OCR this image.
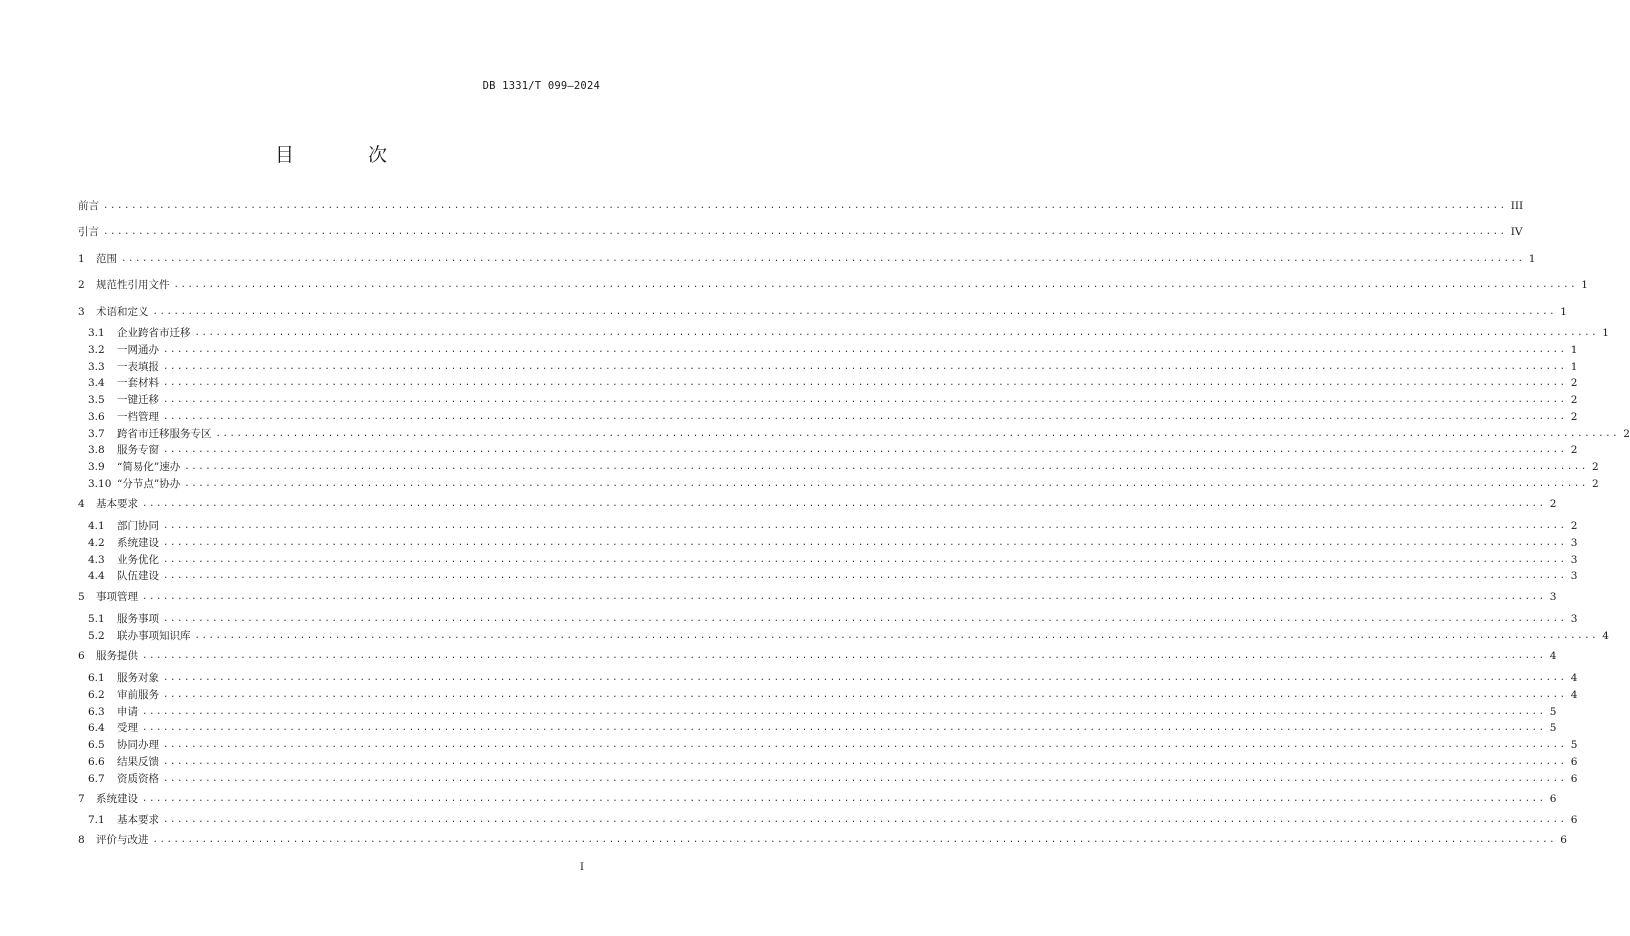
DB 1331/T 099—2024
目 次
前言 ........................................................................................................................................................................................................ III
引言 ........................................................................................................................................................................................................ IV
1	范围 ........................................................................................................................................................................................................ 1
2	规范性引用文件 ........................................................................................................................................................................................................ 1
3	术语和定义 ........................................................................................................................................................................................................ 1
3.1	企业跨省市迁移 ........................................................................................................................................................................................................ 1
3.2	一网通办 ........................................................................................................................................................................................................ 1
3.3	一表填报 ........................................................................................................................................................................................................ 1
3.4	一套材料 ........................................................................................................................................................................................................ 2
3.5	一键迁移 ........................................................................................................................................................................................................ 2
3.6	一档管理 ........................................................................................................................................................................................................ 2
3.7	跨省市迁移服务专区 ........................................................................................................................................................................................................ 2
3.8	服务专窗 ........................................................................................................................................................................................................ 2
3.9	“简易化”速办 ........................................................................................................................................................................................................ 2
3.10 “分节点”协办 ........................................................................................................................................................................................................ 2
4	基本要求 ........................................................................................................................................................................................................ 2
4.1	部门协同 ........................................................................................................................................................................................................ 2
4.2	系统建设 ........................................................................................................................................................................................................ 3
4.3	业务优化 ........................................................................................................................................................................................................ 3
4.4	队伍建设 ........................................................................................................................................................................................................ 3
5	事项管理 ........................................................................................................................................................................................................ 3
5.1	服务事项 ........................................................................................................................................................................................................ 3
5.2	联办事项知识库 ........................................................................................................................................................................................................ 4
6	服务提供 ........................................................................................................................................................................................................ 4
6.1	服务对象 ........................................................................................................................................................................................................ 4
6.2	审前服务 ........................................................................................................................................................................................................ 4
6.3	申请 ........................................................................................................................................................................................................ 5
6.4	受理 ........................................................................................................................................................................................................ 5
6.5	协同办理 ........................................................................................................................................................................................................ 5
6.6	结果反馈 ........................................................................................................................................................................................................ 6
6.7	资质资格 ........................................................................................................................................................................................................ 6
7	系统建设 ........................................................................................................................................................................................................ 6
7.1	基本要求 ........................................................................................................................................................................................................ 6
8	评价与改进 ........................................................................................................................................................................................................ 6
I
